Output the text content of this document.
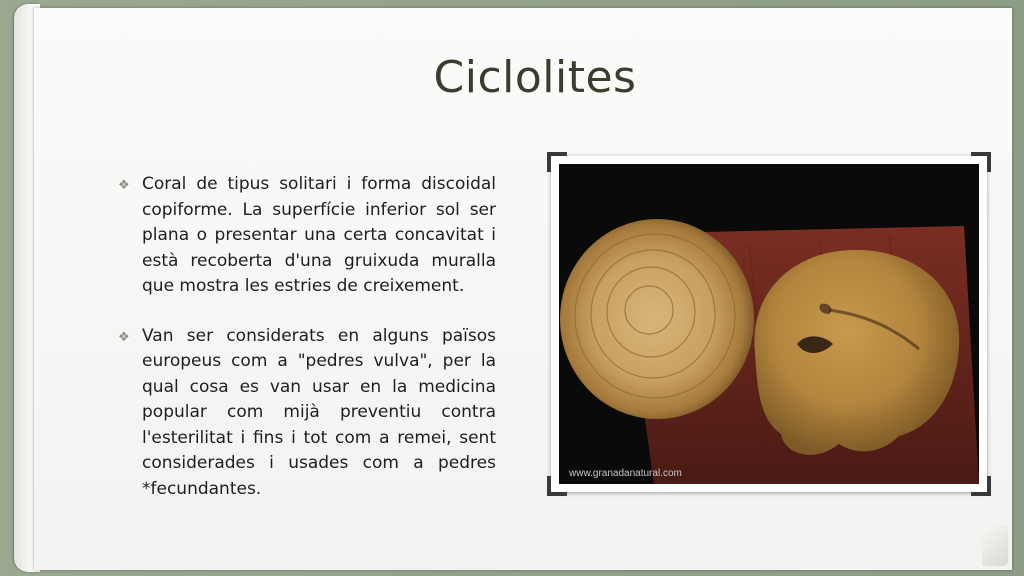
Ciclolites
❖ Coral de tipus solitari i forma discoidal copiforme. La superfície inferior sol ser plana o presentar una certa concavitat i està recoberta d'una gruixuda muralla que mostra les estries de creixement.
❖ Van ser considerats en alguns països europeus com a "pedres vulva", per la qual cosa es van usar en la medicina popular com mijà preventiu contra l'esterilitat i fins i tot com a remei, sent considerades i usades com a pedres *fecundantes.
www.granadanatural.com
